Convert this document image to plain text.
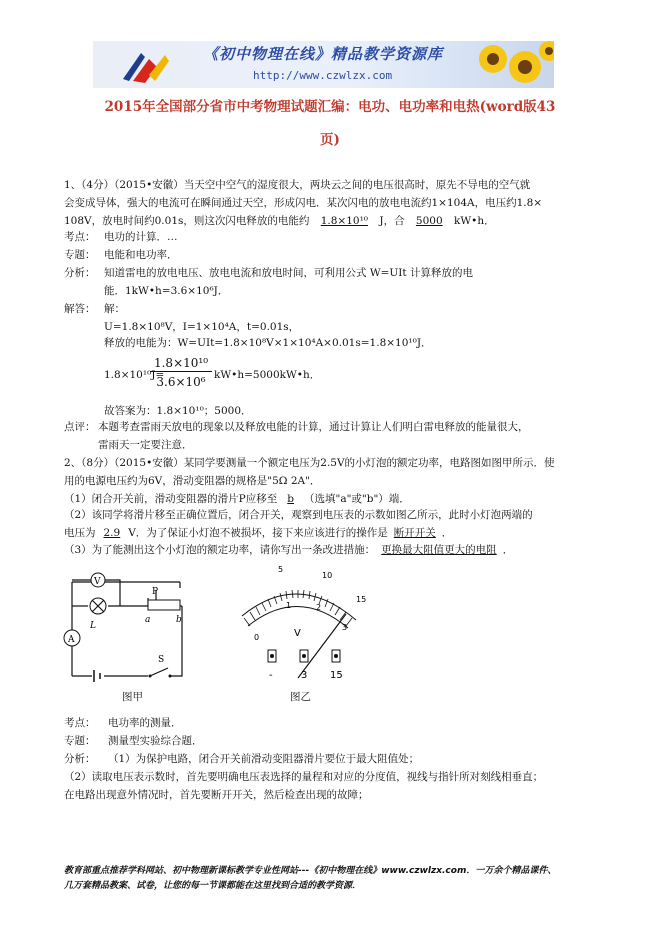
《初中物理在线》精品教学资源库
http://www.czwlzx.com
2015年全国部分省市中考物理试题汇编：电功、电功率和电热(word版43
页)
1、（4分）（2015•安徽）当天空中空气的湿度很大，两块云之间的电压很高时，原先不导电的空气就
会变成导体，强大的电流可在瞬间通过天空，形成闪电．某次闪电的放电电流约1×104A，电压约1.8×
108V，放电时间约0.01s，则这次闪电释放的电能约 1.8×10¹⁰ J，合 5000 kW•h．
考点： 电功的计算．…
专题： 电能和电功率．
分析： 知道雷电的放电电压、放电电流和放电时间，可利用公式 W=UIt 计算释放的电
能．1kW•h=3.6×10⁶J．
解答： 解：
U=1.8×10⁸V，I=1×10⁴A，t=0.01s，
释放的电能为：W=UIt=1.8×10⁸V×1×10⁴A×0.01s=1.8×10¹⁰J．
1.8×10¹⁰J=
1.8×10¹⁰
3.6×10⁶ kW•h=5000kW•h．
故答案为：1.8×10¹⁰；5000．
点评： 本题考查雷雨天放电的现象以及释放电能的计算，通过计算让人们明白雷电释放的能量很大，
雷雨天一定要注意．
2、（8分）（2015•安徽）某同学要测量一个额定电压为2.5V的小灯泡的额定功率，电路图如图甲所示．使
用的电源电压约为6V，滑动变阻器的规格是"5Ω 2A"．
（1）闭合开关前，滑动变阻器的滑片P应移至 b （选填"a"或"b"）端．
（2）该同学将滑片移至正确位置后，闭合开关，观察到电压表的示数如图乙所示，此时小灯泡两端的
电压为 2.9 V．为了保证小灯泡不被损坏，接下来应该进行的操作是 断开开关 ．
（3）为了能测出这个小灯泡的额定功率，请你写出一条改进措施： 更换最大阻值更大的电阻 ．
V
P
a	b
L
A
S
图甲
5
10
15
0
1	2
3
V
-	3 15
图乙
考点： 电功率的测量．
专题： 测量型实验综合题．
分析： （1）为保护电路，闭合开关前滑动变阻器滑片要位于最大阻值处；
（2）读取电压表示数时，首先要明确电压表选择的量程和对应的分度值，视线与指针所对刻线相垂直；
在电路出现意外情况时，首先要断开开关，然后检查出现的故障；
教育部重点推荐学科网站、初中物理新课标教学专业性网站---《初中物理在线》www.czwlzx.com．一万余个精品课件、
几万套精品教案、试卷，让您的每一节课都能在这里找到合适的教学资源．
